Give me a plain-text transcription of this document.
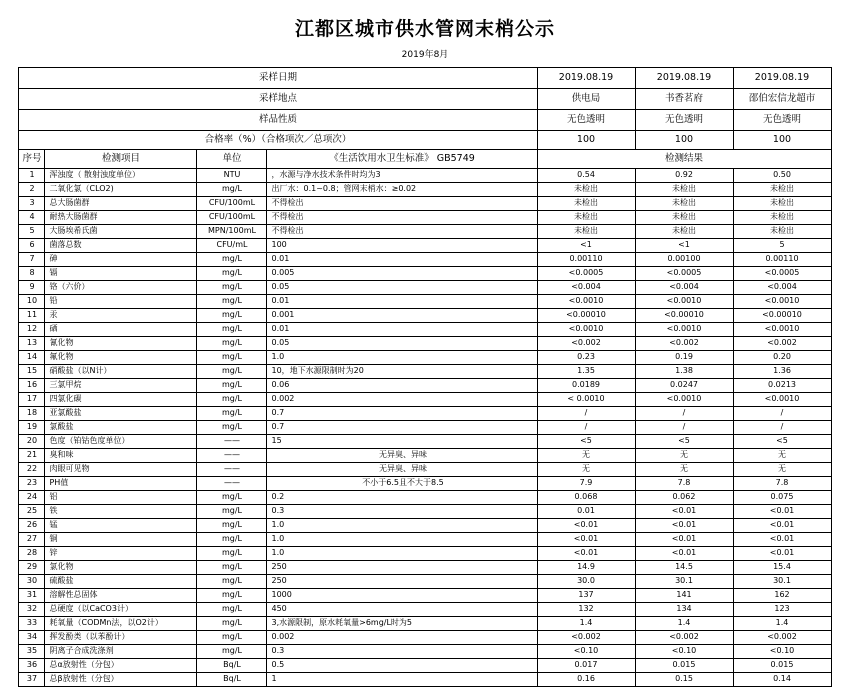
江都区城市供水管网末梢公示
2019年8月
采样日期				2019.08.19	2019.08.19	2019.08.19
采样地点				供电局	书香茗府	邵伯宏信龙超市
样品性质				无色透明	无色透明	无色透明
合格率（%）（合格项次／总项次）				100	100	100
序号	检测项目	单位	《生活饮用水卫生标准》 GB5749	检测结果		
1	浑浊度（ 散射浊度单位）	NTU	，水源与净水技术条件时均为3	0.54	0.92	0.50
2	二氧化氯（CLO2)	mg/L	出厂水：0.1~0.8；管网末梢水：≥0.02	未检出	未检出	未检出
3	总大肠菌群	CFU/100mL	不得检出	未检出	未检出	未检出
4	耐热大肠菌群	CFU/100mL	不得检出	未检出	未检出	未检出
5	大肠埃希氏菌	MPN/100mL	不得检出	未检出	未检出	未检出
6	菌落总数	CFU/mL	100	<1	<1	5
7	砷	mg/L	0.01	0.00110	0.00100	0.00110
8	镉	mg/L	0.005	<0.0005	<0.0005	<0.0005
9	铬（六价）	mg/L	0.05	<0.004	<0.004	<0.004
10	铅	mg/L	0.01	<0.0010	<0.0010	<0.0010
11	汞	mg/L	0.001	<0.00010	<0.00010	<0.00010
12	硒	mg/L	0.01	<0.0010	<0.0010	<0.0010
13	氰化物	mg/L	0.05	<0.002	<0.002	<0.002
14	氟化物	mg/L	1.0	0.23	0.19	0.20
15	硝酸盐（以N计）	mg/L	10，地下水源限制时为20	1.35	1.38	1.36
16	三氯甲烷	mg/L	0.06	0.0189	0.0247	0.0213
17	四氯化碳	mg/L	0.002	< 0.0010	<0.0010	<0.0010
18	亚氯酸盐	mg/L	0.7	/	/	/
19	氯酸盐	mg/L	0.7	/	/	/
20	色度（铂钴色度单位）	——	15	<5	<5	<5
21	臭和味	——	无异臭、异味	无	无	无
22	肉眼可见物	——	无异臭、异味	无	无	无
23	PH值	——	不小于6.5且不大于8.5	7.9	7.8	7.8
24	铝	mg/L	0.2	0.068	0.062	0.075
25	铁	mg/L	0.3	0.01	<0.01	<0.01
26	锰	mg/L	1.0	<0.01	<0.01	<0.01
27	铜	mg/L	1.0	<0.01	<0.01	<0.01
28	锌	mg/L	1.0	<0.01	<0.01	<0.01
29	氯化物	mg/L	250	14.9	14.5	15.4
30	硫酸盐	mg/L	250	30.0	30.1	30.1
31	溶解性总固体	mg/L	1000	137	141	162
32	总硬度（以CaCO3计）	mg/L	450	132	134	123
33	耗氧量（CODMn法，以O2计）	mg/L	3,水源限制，原水耗氧量>6mg/L时为5	1.4	1.4	1.4
34	挥发酚类（以苯酚计）	mg/L	0.002	<0.002	<0.002	<0.002
35	阴离子合成洗涤剂	mg/L	0.3	<0.10	<0.10	<0.10
36	总α放射性（分包）	Bq/L	0.5	0.017	0.015	0.015
37	总β放射性（分包）	Bq/L	1	0.16	0.15	0.14
